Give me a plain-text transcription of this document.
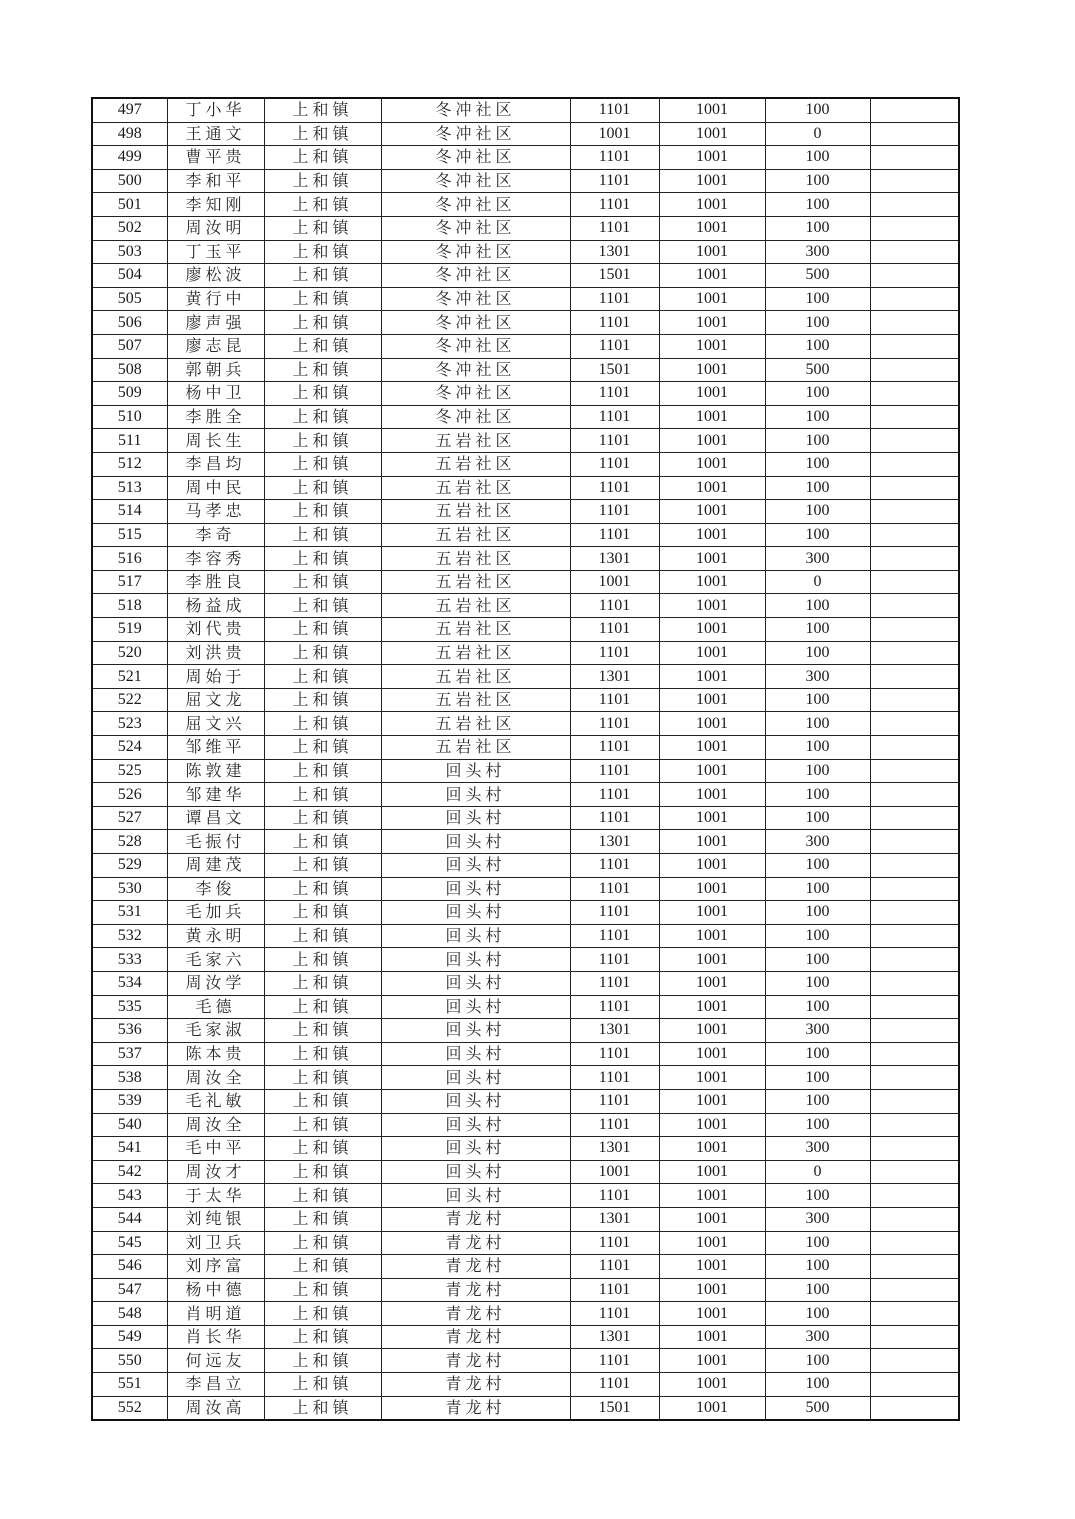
497	丁小华	上和镇	冬冲社区	1101	1001	100	
498	王通文	上和镇	冬冲社区	1001	1001	0	
499	曹平贵	上和镇	冬冲社区	1101	1001	100	
500	李和平	上和镇	冬冲社区	1101	1001	100	
501	李知刚	上和镇	冬冲社区	1101	1001	100	
502	周汝明	上和镇	冬冲社区	1101	1001	100	
503	丁玉平	上和镇	冬冲社区	1301	1001	300	
504	廖松波	上和镇	冬冲社区	1501	1001	500	
505	黄行中	上和镇	冬冲社区	1101	1001	100	
506	廖声强	上和镇	冬冲社区	1101	1001	100	
507	廖志昆	上和镇	冬冲社区	1101	1001	100	
508	郭朝兵	上和镇	冬冲社区	1501	1001	500	
509	杨中卫	上和镇	冬冲社区	1101	1001	100	
510	李胜全	上和镇	冬冲社区	1101	1001	100	
511	周长生	上和镇	五岩社区	1101	1001	100	
512	李昌均	上和镇	五岩社区	1101	1001	100	
513	周中民	上和镇	五岩社区	1101	1001	100	
514	马孝忠	上和镇	五岩社区	1101	1001	100	
515	李奇	上和镇	五岩社区	1101	1001	100	
516	李容秀	上和镇	五岩社区	1301	1001	300	
517	李胜良	上和镇	五岩社区	1001	1001	0	
518	杨益成	上和镇	五岩社区	1101	1001	100	
519	刘代贵	上和镇	五岩社区	1101	1001	100	
520	刘洪贵	上和镇	五岩社区	1101	1001	100	
521	周始于	上和镇	五岩社区	1301	1001	300	
522	屈文龙	上和镇	五岩社区	1101	1001	100	
523	屈文兴	上和镇	五岩社区	1101	1001	100	
524	邹维平	上和镇	五岩社区	1101	1001	100	
525	陈敦建	上和镇	回头村	1101	1001	100	
526	邹建华	上和镇	回头村	1101	1001	100	
527	谭昌文	上和镇	回头村	1101	1001	100	
528	毛振付	上和镇	回头村	1301	1001	300	
529	周建茂	上和镇	回头村	1101	1001	100	
530	李俊	上和镇	回头村	1101	1001	100	
531	毛加兵	上和镇	回头村	1101	1001	100	
532	黄永明	上和镇	回头村	1101	1001	100	
533	毛家六	上和镇	回头村	1101	1001	100	
534	周汝学	上和镇	回头村	1101	1001	100	
535	毛德	上和镇	回头村	1101	1001	100	
536	毛家淑	上和镇	回头村	1301	1001	300	
537	陈本贵	上和镇	回头村	1101	1001	100	
538	周汝全	上和镇	回头村	1101	1001	100	
539	毛礼敏	上和镇	回头村	1101	1001	100	
540	周汝全	上和镇	回头村	1101	1001	100	
541	毛中平	上和镇	回头村	1301	1001	300	
542	周汝才	上和镇	回头村	1001	1001	0	
543	于太华	上和镇	回头村	1101	1001	100	
544	刘纯银	上和镇	青龙村	1301	1001	300	
545	刘卫兵	上和镇	青龙村	1101	1001	100	
546	刘序富	上和镇	青龙村	1101	1001	100	
547	杨中德	上和镇	青龙村	1101	1001	100	
548	肖明道	上和镇	青龙村	1101	1001	100	
549	肖长华	上和镇	青龙村	1301	1001	300	
550	何远友	上和镇	青龙村	1101	1001	100	
551	李昌立	上和镇	青龙村	1101	1001	100	
552	周汝高	上和镇	青龙村	1501	1001	500	
